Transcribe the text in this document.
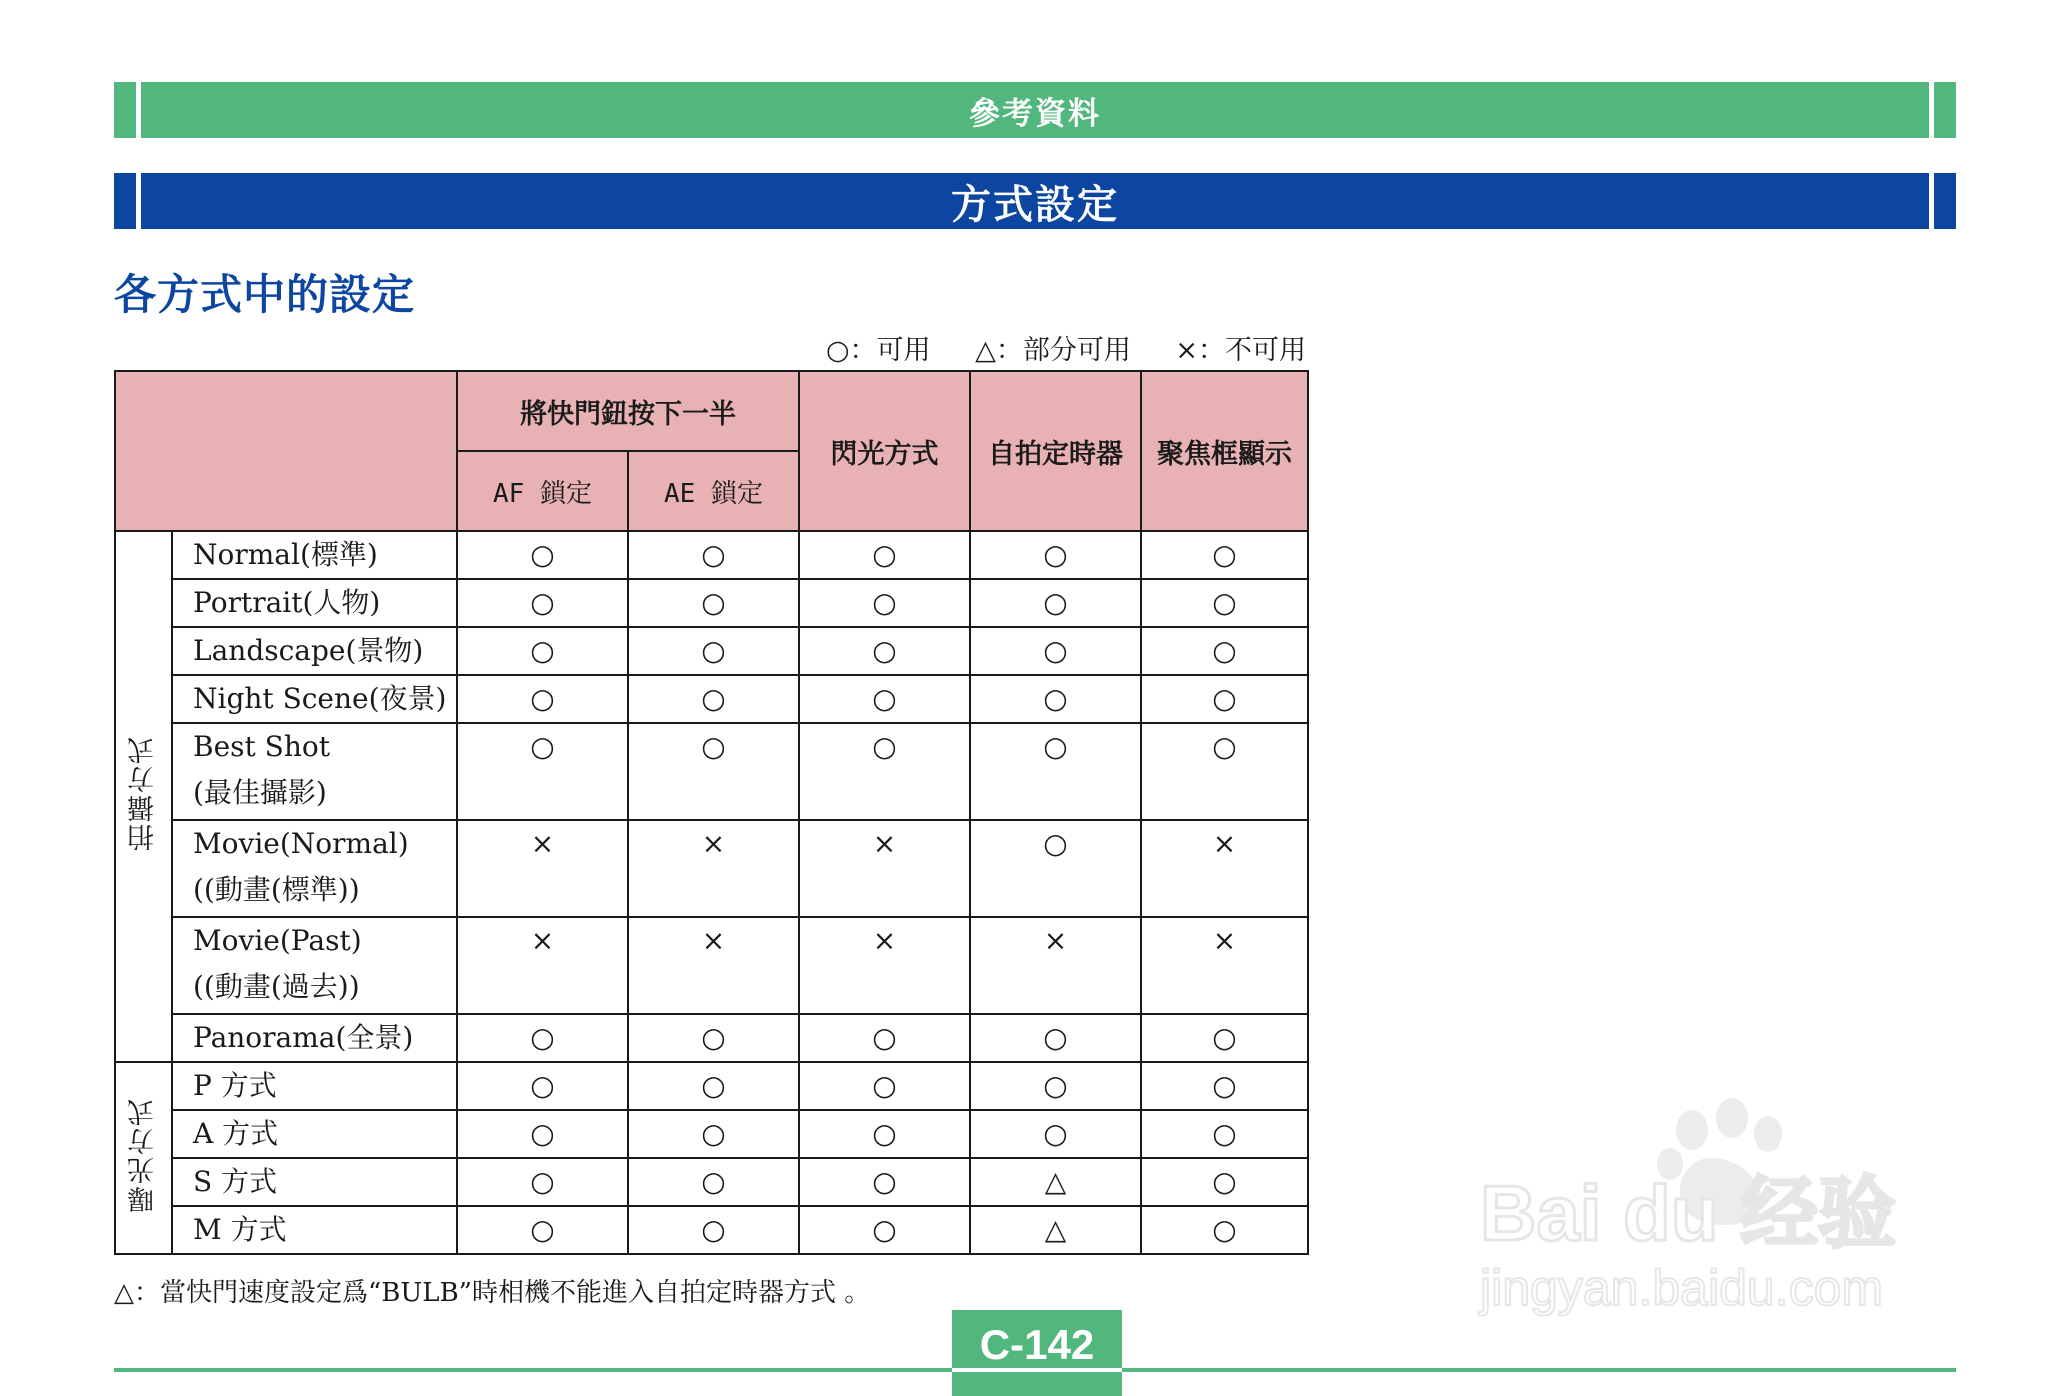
參考資料
方式設定
各方式中的設定
○：可用 △：部分可用 ×：不可用
		將快門鈕按下一半		閃光方式	自拍定時器	聚焦框顯示
		AF 鎖定	AE 鎖定			
拍攝方式	Normal(標準)	○	○	○	○	○

	Portrait(人物)	○	○	○	○	○

	Landscape(景物)	○	○	○	○	○

	Night Scene(夜景)	○	○	○	○	○

	Best Shot
(最佳攝影)	○	○	○	○	○

	Movie(Normal)
((動畫(標準))	×	×	×	○	×

	Movie(Past)
((動畫(過去))	×	×	×	×	×

	Panorama(全景)	○	○	○	○	○
曝光方式	P 方式	○	○	○	○	○

	A 方式	○	○	○	○	○

	S 方式	○	○	○	△	○

	M 方式	○	○	○	△	○
△：當快門速度設定爲“BULB”時相機不能進入自拍定時器方式 。
C-142
Bai du 经验
jingyan.baidu.com
